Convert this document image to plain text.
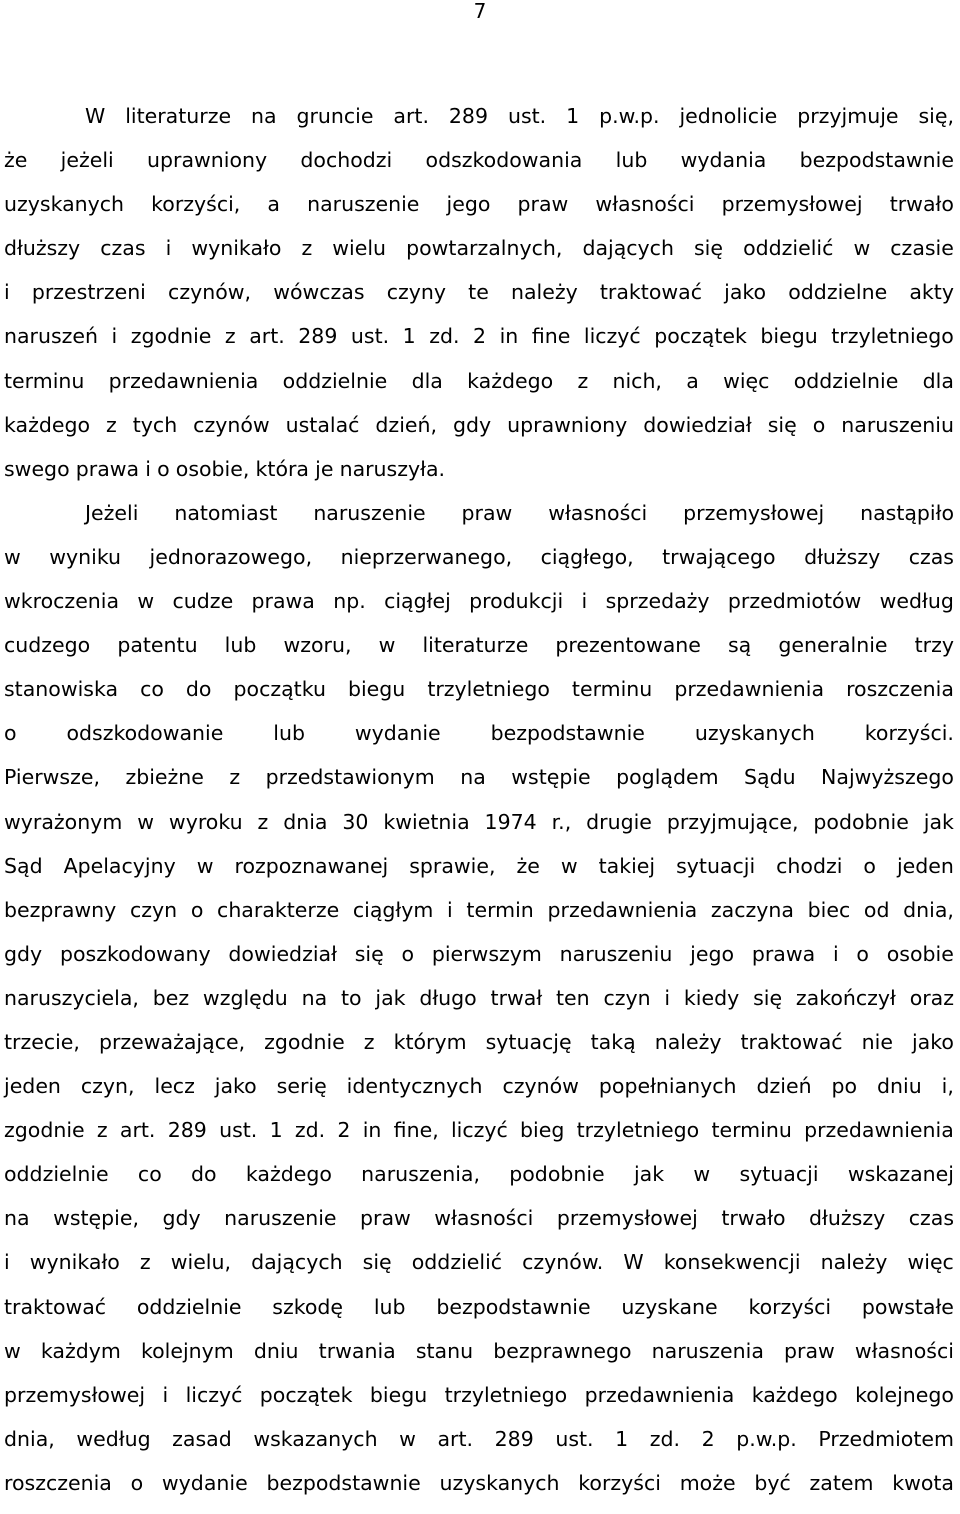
7
W literaturze na gruncie art. 289 ust. 1 p.w.p. jednolicie przyjmuje się,
że jeżeli uprawniony dochodzi odszkodowania lub wydania bezpodstawnie
uzyskanych korzyści, a naruszenie jego praw własności przemysłowej trwało
dłuższy czas i wynikało z wielu powtarzalnych, dających się oddzielić w czasie
i przestrzeni czynów, wówczas czyny te należy traktować jako oddzielne akty
naruszeń i zgodnie z art. 289 ust. 1 zd. 2 in fine liczyć początek biegu trzyletniego
terminu przedawnienia oddzielnie dla każdego z nich, a więc oddzielnie dla
każdego z tych czynów ustalać dzień, gdy uprawniony dowiedział się o naruszeniu
swego prawa i o osobie, która je naruszyła.
Jeżeli natomiast naruszenie praw własności przemysłowej nastąpiło
w wyniku jednorazowego, nieprzerwanego, ciągłego, trwającego dłuższy czas
wkroczenia w cudze prawa np. ciągłej produkcji i sprzedaży przedmiotów według
cudzego patentu lub wzoru, w literaturze prezentowane są generalnie trzy
stanowiska co do początku biegu trzyletniego terminu przedawnienia roszczenia
o odszkodowanie lub wydanie bezpodstawnie uzyskanych korzyści.
Pierwsze, zbieżne z przedstawionym na wstępie poglądem Sądu Najwyższego
wyrażonym w wyroku z dnia 30 kwietnia 1974 r., drugie przyjmujące, podobnie jak
Sąd Apelacyjny w rozpoznawanej sprawie, że w takiej sytuacji chodzi o jeden
bezprawny czyn o charakterze ciągłym i termin przedawnienia zaczyna biec od dnia,
gdy poszkodowany dowiedział się o pierwszym naruszeniu jego prawa i o osobie
naruszyciela, bez względu na to jak długo trwał ten czyn i kiedy się zakończył oraz
trzecie, przeważające, zgodnie z którym sytuację taką należy traktować nie jako
jeden czyn, lecz jako serię identycznych czynów popełnianych dzień po dniu i,
zgodnie z art. 289 ust. 1 zd. 2 in fine, liczyć bieg trzyletniego terminu przedawnienia
oddzielnie co do każdego naruszenia, podobnie jak w sytuacji wskazanej
na wstępie, gdy naruszenie praw własności przemysłowej trwało dłuższy czas
i wynikało z wielu, dających się oddzielić czynów. W konsekwencji należy więc
traktować oddzielnie szkodę lub bezpodstawnie uzyskane korzyści powstałe
w każdym kolejnym dniu trwania stanu bezprawnego naruszenia praw własności
przemysłowej i liczyć początek biegu trzyletniego przedawnienia każdego kolejnego
dnia, według zasad wskazanych w art. 289 ust. 1 zd. 2 p.w.p. Przedmiotem
roszczenia o wydanie bezpodstawnie uzyskanych korzyści może być zatem kwota
